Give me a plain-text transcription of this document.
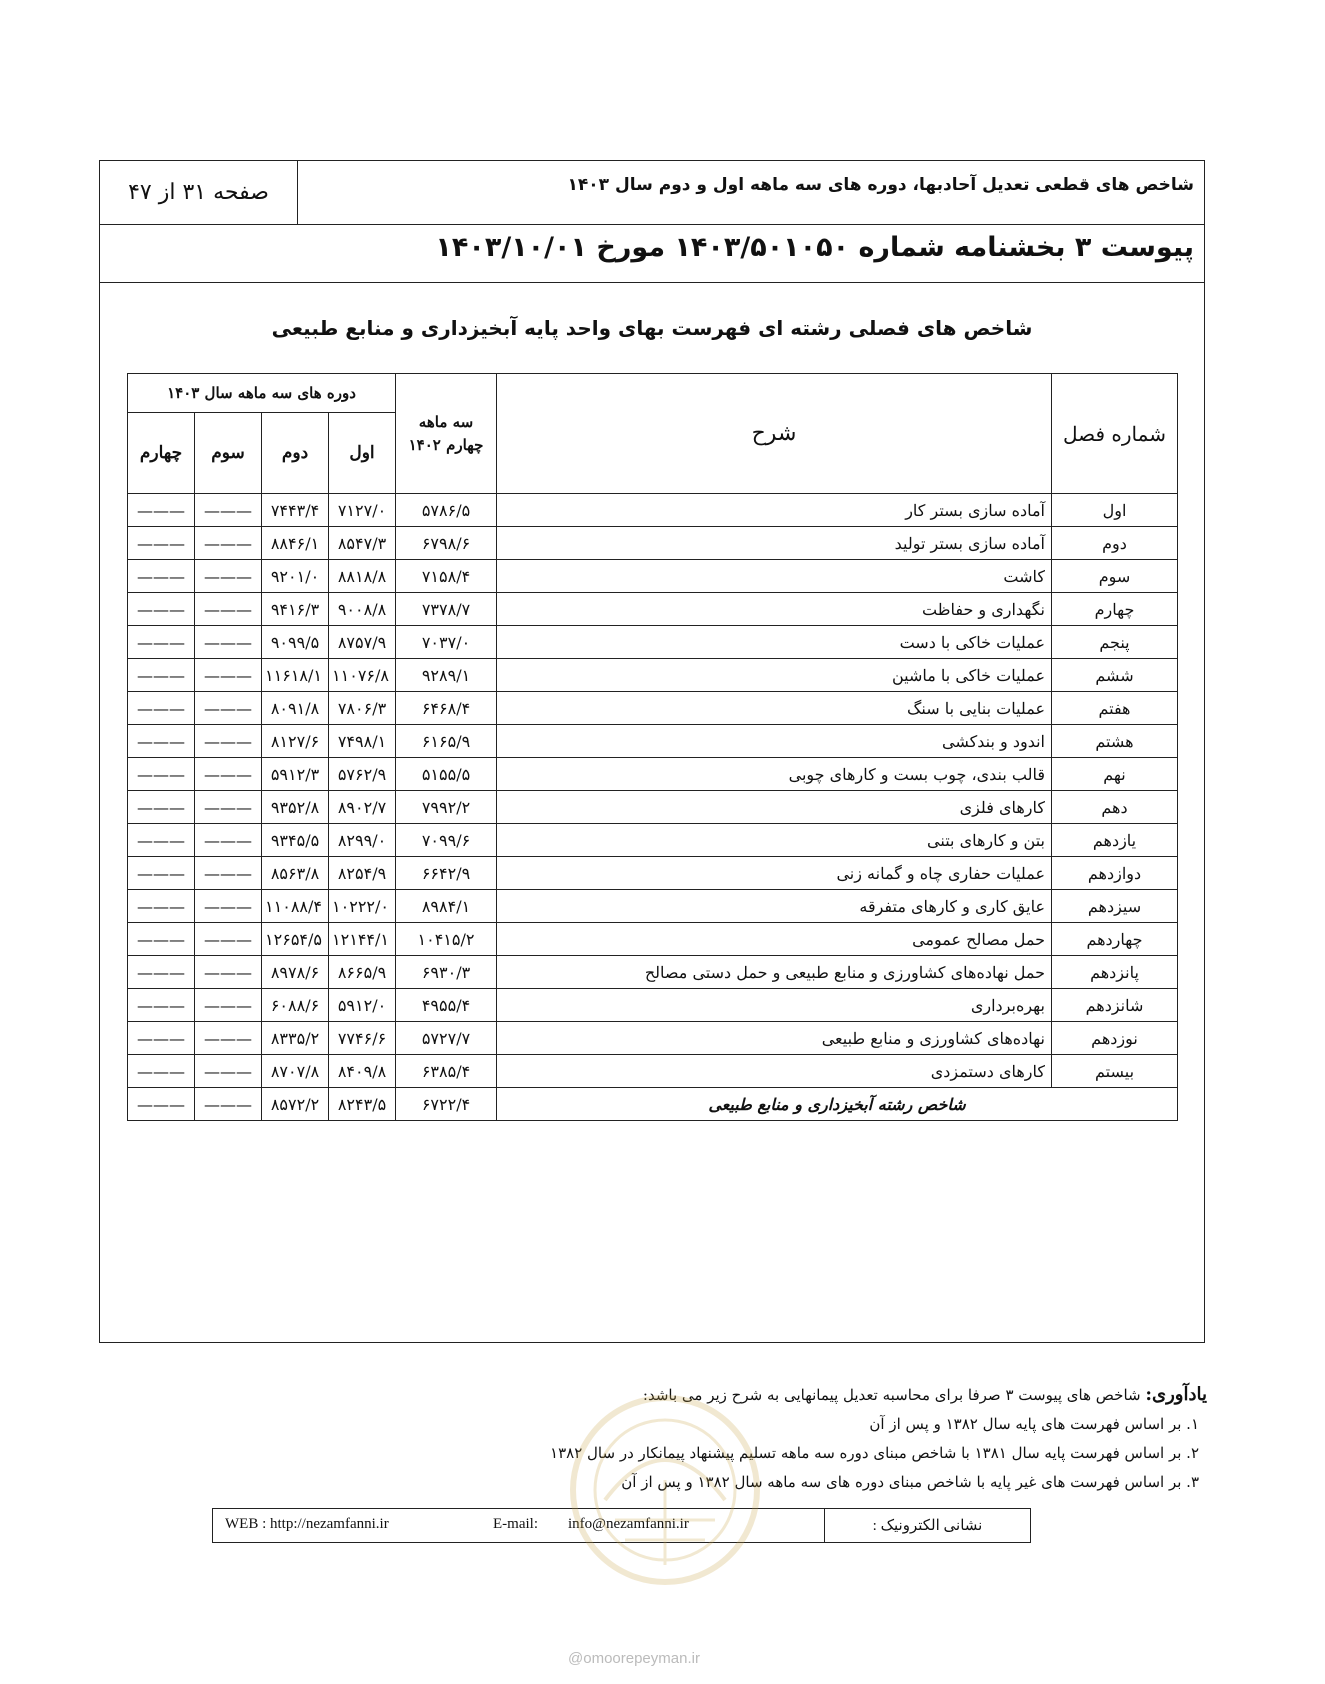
صفحه ۳۱ از ۴۷	شاخص های قطعی تعدیل آحادبها، دوره های سه ماهه اول و دوم سال ۱۴۰۳
پیوست ۳ بخشنامه شماره ۱۴۰۳/۵۰۱۰۵۰ مورخ ۱۴۰۳/۱۰/۰۱
شاخص های فصلی رشته ای فهرست بهای واحد پایه آبخیزداری و منابع طبیعی
شماره فصل	شرح	سه ماهه چهارم ۱۴۰۲	دوره های سه ماهه سال ۱۴۰۳			
			اول	دوم	سوم	چهارم
اول	آماده سازی بستر کار	۵۷۸۶/۵	۷۱۲۷/۰	۷۴۴۳/۴	———	———
دوم	آماده سازی بستر تولید	۶۷۹۸/۶	۸۵۴۷/۳	۸۸۴۶/۱	———	———
سوم	کاشت	۷۱۵۸/۴	۸۸۱۸/۸	۹۲۰۱/۰	———	———
چهارم	نگهداری و حفاظت	۷۳۷۸/۷	۹۰۰۸/۸	۹۴۱۶/۳	———	———
پنجم	عملیات خاکی با دست	۷۰۳۷/۰	۸۷۵۷/۹	۹۰۹۹/۵	———	———
ششم	عملیات خاکی با ماشین	۹۲۸۹/۱	۱۱۰۷۶/۸	۱۱۶۱۸/۱	———	———
هفتم	عملیات بنایی با سنگ	۶۴۶۸/۴	۷۸۰۶/۳	۸۰۹۱/۸	———	———
هشتم	اندود و بندکشی	۶۱۶۵/۹	۷۴۹۸/۱	۸۱۲۷/۶	———	———
نهم	قالب بندی، چوب بست و کارهای چوبی	۵۱۵۵/۵	۵۷۶۲/۹	۵۹۱۲/۳	———	———
دهم	کارهای فلزی	۷۹۹۲/۲	۸۹۰۲/۷	۹۳۵۲/۸	———	———
یازدهم	بتن و کارهای بتنی	۷۰۹۹/۶	۸۲۹۹/۰	۹۳۴۵/۵	———	———
دوازدهم	عملیات حفاری چاه و گمانه زنی	۶۶۴۲/۹	۸۲۵۴/۹	۸۵۶۳/۸	———	———
سیزدهم	عایق کاری و کارهای متفرقه	۸۹۸۴/۱	۱۰۲۲۲/۰	۱۱۰۸۸/۴	———	———
چهاردهم	حمل مصالح عمومی	۱۰۴۱۵/۲	۱۲۱۴۴/۱	۱۲۶۵۴/۵	———	———
پانزدهم	حمل نهاده‌های کشاورزی و منابع طبیعی و حمل دستی مصالح	۶۹۳۰/۳	۸۶۶۵/۹	۸۹۷۸/۶	———	———
شانزدهم	بهره‌برداری	۴۹۵۵/۴	۵۹۱۲/۰	۶۰۸۸/۶	———	———
نوزدهم	نهاده‌های کشاورزی و منابع طبیعی	۵۷۲۷/۷	۷۷۴۶/۶	۸۳۳۵/۲	———	———
بیستم	کارهای دستمزدی	۶۳۸۵/۴	۸۴۰۹/۸	۸۷۰۷/۸	———	———
شاخص رشته آبخیزداری و منابع طبیعی		۶۷۲۲/۴	۸۲۴۳/۵	۸۵۷۲/۲	———	———
یادآوری: شاخص های پیوست ۳ صرفا برای محاسبه تعدیل پیمانهایی به شرح زیر می باشد:
۱. بر اساس فهرست های پایه سال ۱۳۸۲ و پس از آن
۲. بر اساس فهرست پایه سال ۱۳۸۱ با شاخص مبنای دوره سه ماهه تسلیم پیشنهاد پیمانکار در سال ۱۳۸۲
۳. بر اساس فهرست های غیر پایه با شاخص مبنای دوره های سه ماهه سال ۱۳۸۲ و پس از آن
نشانی الکترونیک :
WEB : http://nezamfanni.ir	E-mail: info@nezamfanni.ir
@omoorepeyman.ir
